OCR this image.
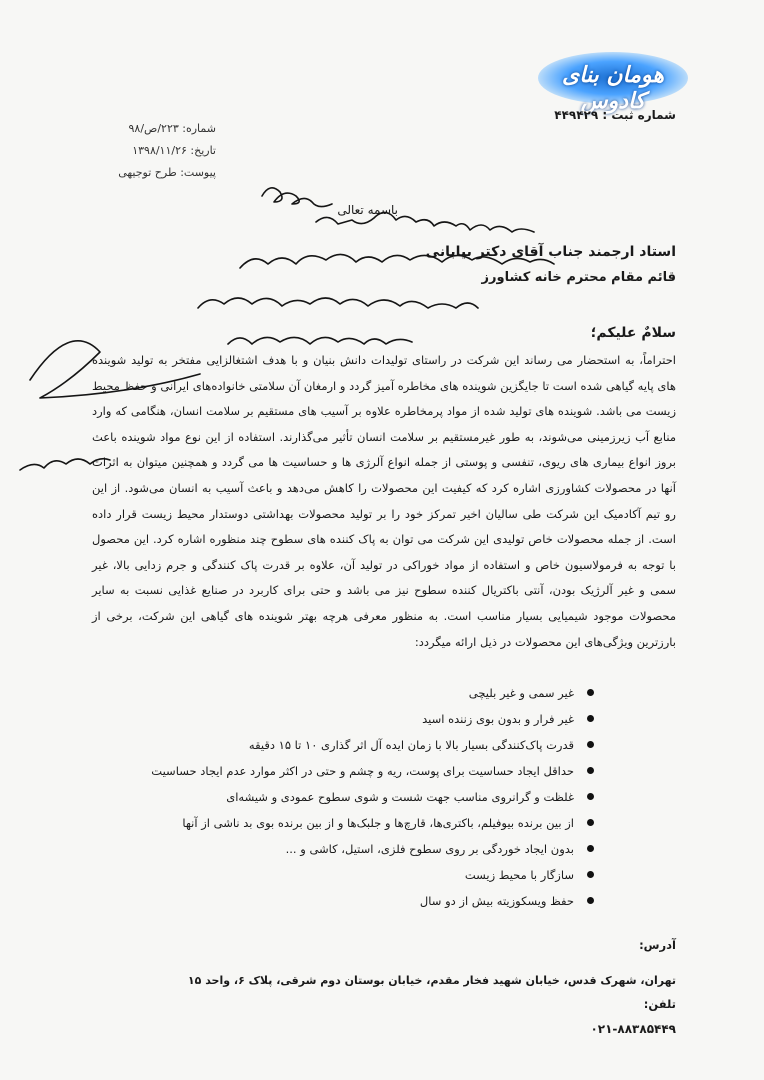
هومان بنای کادوس
شماره ثبت : ۴۴۹۴۲۹
شماره: ۲۲۳/ص/۹۸
تاریخ: ۱۳۹۸/۱۱/۲۶
پیوست: طرح توجیهی
باسمه تعالی
استاد ارجمند جناب آقای دکتر بیابانی
قائم مقام محترم خانه کشاورز
سلامٌ علیکم؛
احتراماً، به استحضار می رساند این شرکت در راستای تولیدات دانش بنیان و با هدف اشتغالزایی مفتخر به تولید شوینده های پایه گیاهی شده است تا جایگزین شوینده های مخاطره آمیز گردد و ارمغان آن سلامتی خانواده‌های ایرانی و حفظ محیط زیست می باشد. شوینده های تولید شده از مواد پرمخاطره علاوه بر آسیب های مستقیم بر سلامت انسان، هنگامی که وارد منابع آب زیرزمینی می‌شوند، به طور غیرمستقیم بر سلامت انسان تأثیر می‌گذارند. استفاده از این نوع مواد شوینده باعث بروز انواع بیماری های ریوی، تنفسی و پوستی از جمله انواع آلرژی ها و حساسیت ها می گردد و همچنین میتوان به اثرات آنها در محصولات کشاورزی اشاره کرد که کیفیت این محصولات را کاهش می‌دهد و باعث آسیب به انسان می‌شود. از این رو تیم آکادمیک این شرکت طی سالیان اخیر تمرکز خود را بر تولید محصولات بهداشتی دوستدار محیط زیست قرار داده است. از جمله محصولات خاص تولیدی این شرکت می توان به پاک کننده های سطوح چند منظوره اشاره کرد. این محصول با توجه به فرمولاسیون خاص و استفاده از مواد خوراکی در تولید آن، علاوه بر قدرت پاک کنندگی و جرم زدایی بالا، غیر سمی و غیر آلرژیک بودن، آنتی باکتریال کننده سطوح نیز می باشد و حتی برای کاربرد در صنایع غذایی نسبت به سایر محصولات موجود شیمیایی بسیار مناسب است. به منظور معرفی هرچه بهتر شوینده های گیاهی این شرکت، برخی از بارزترین ویژگی‌های این محصولات در ذیل ارائه میگردد:
غیر سمی و غیر بلیچی
غیر فرار و بدون بوی زننده اسید
قدرت پاک‌کنندگی بسیار بالا با زمان ایده آل اثر گذاری ۱۰ تا ۱۵ دقیقه
حداقل ایجاد حساسیت برای پوست، ریه و چشم و حتی در اکثر موارد عدم ایجاد حساسیت
غلظت و گرانروی مناسب جهت شست و شوی سطوح عمودی و شیشه‌ای
از بین برنده بیوفیلم، باکتری‌ها، قارچ‌ها و جلبک‌ها و از بین برنده بوی بد ناشی از آنها
بدون ایجاد خوردگی بر روی سطوح فلزی، استیل، کاشی و ...
سازگار با محیط زیست
حفظ ویسکوزیته بیش از دو سال
آدرس:
تهران، شهرک قدس، خیابان شهید فخار مقدم، خیابان بوستان دوم شرقی، پلاک ۶، واحد ۱۵
تلفن:
۰۲۱-۸۸۳۸۵۴۴۹
